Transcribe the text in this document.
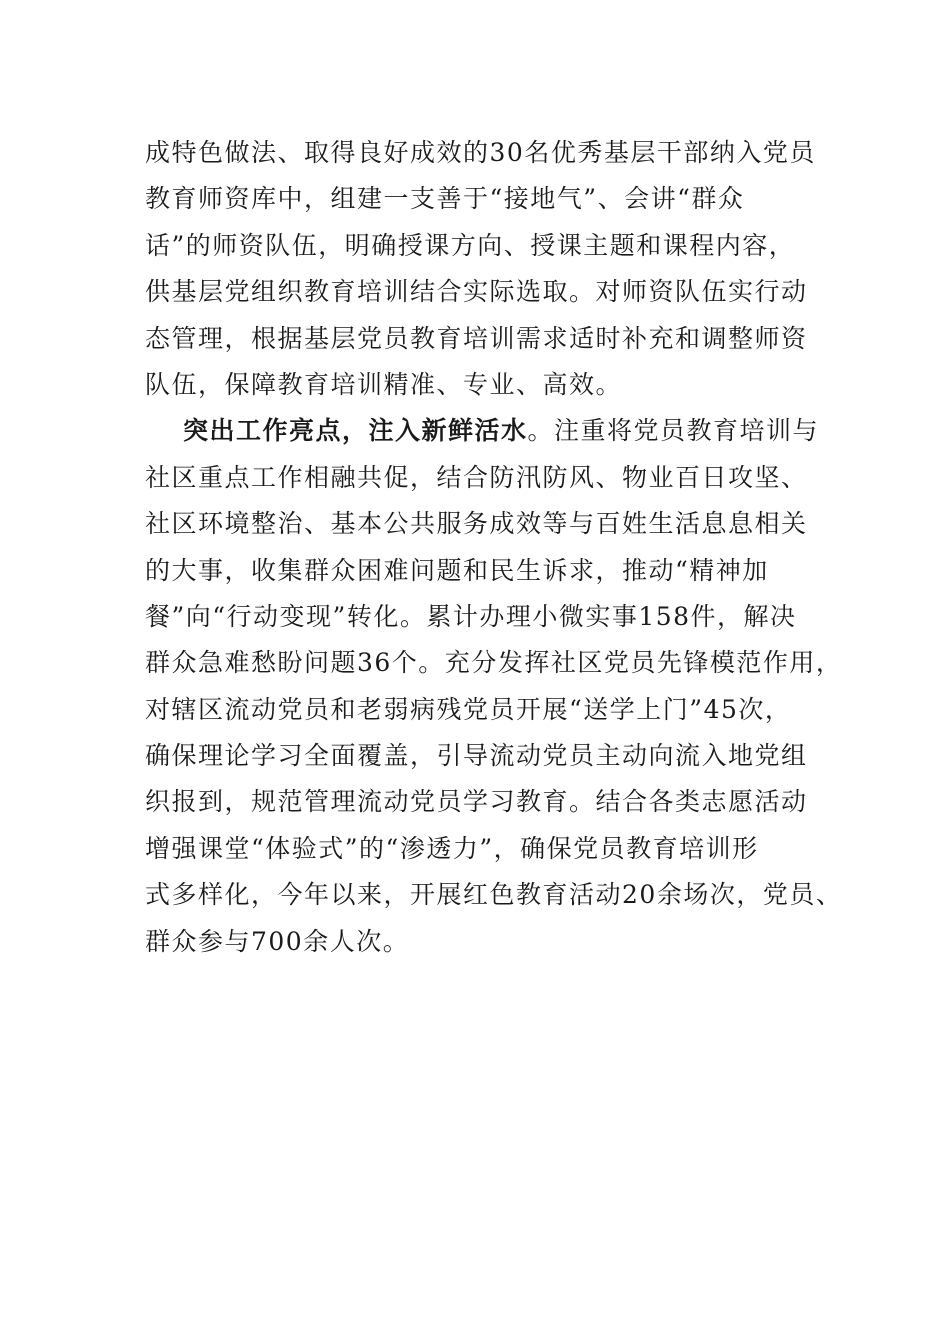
成特色做法、取得良好成效的30名优秀基层干部纳入党员
教育师资库中，组建一支善于“接地气”、会讲“群众
话”的师资队伍，明确授课方向、授课主题和课程内容，
供基层党组织教育培训结合实际选取。对师资队伍实行动
态管理，根据基层党员教育培训需求适时补充和调整师资
队伍，保障教育培训精准、专业、高效。
突出工作亮点，注入新鲜活水。注重将党员教育培训与
社区重点工作相融共促，结合防汛防风、物业百日攻坚、
社区环境整治、基本公共服务成效等与百姓生活息息相关
的大事，收集群众困难问题和民生诉求，推动“精神加
餐”向“行动变现”转化。累计办理小微实事158件，解决
群众急难愁盼问题36个。充分发挥社区党员先锋模范作用，
对辖区流动党员和老弱病残党员开展“送学上门”45次，
确保理论学习全面覆盖，引导流动党员主动向流入地党组
织报到，规范管理流动党员学习教育。结合各类志愿活动
增强课堂“体验式”的“渗透力”，确保党员教育培训形
式多样化，今年以来，开展红色教育活动20余场次，党员、
群众参与700余人次。
